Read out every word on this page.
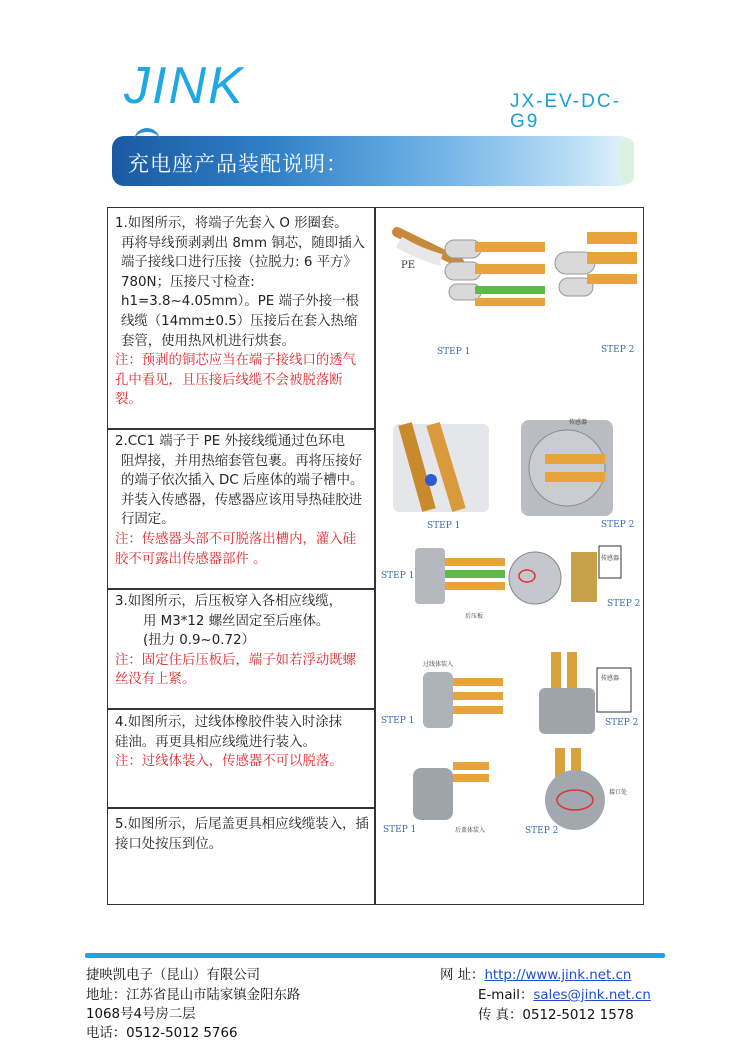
JINK	JX-EV-DC-G9
充电座产品装配说明：

1.如图所示，将端子先套入 O 形圈套。

再将导线预剥剥出 8mm 铜芯，随即插入端子接线口进行压接（拉脱力: 6 平方》780N；压接尺寸检查: h1=3.8~4.05mm）。PE 端子外接一根线缆（14mm±0.5）压接后在套入热缩套管，使用热风机进行烘套。

注：预剥的铜芯应当在端子接线口的透气孔中看见，且压接后线缆不会被脱落断裂。

2.CC1 端子于 PE 外接线缆通过色环电

阻焊接，并用热缩套管包裹。再将压接好的端子依次插入 DC 后座体的端子槽中。并装入传感器，传感器应该用导热硅胶进行固定。

注：传感器头部不可脱落出槽内，灌入硅胶不可露出传感器部件 。

3.如图所示，后压板穿入各相应线缆，

用 M3*12 螺丝固定至后座体。

(扭力 0.9~0.72）

注：固定住后压板后，端子如若浮动既螺丝没有上紧。

4.如图所示，过线体橡胶件装入时涂抹

硅油。再更具相应线缆进行装入。

注：过线体装入，传感器不可以脱落。

5.如图所示，后尾盖更具相应线缆装入，插接口处按压到位。

PE
STEP 1	STEP 2
STEP 1	STEP 2
传感器
STEP 1
STEP 2
后压板
传感器
STEP 1	STEP 2
过线体装入
传感器
STEP 1	STEP 2
后盖体装入
接口处
捷映凯电子（昆山）有限公司
地址：江苏省昆山市陆家镇金阳东路
1068号4号房二层
电话：0512-5012 5766
网 址：http://www.jink.net.cn
E-mail：sales@jink.net.cn
传 真：0512-5012 1578
